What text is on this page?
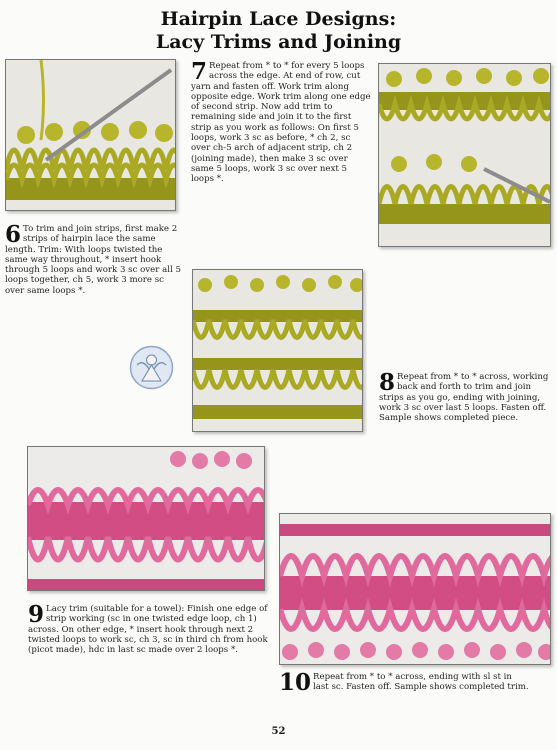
Hairpin Lace Designs:
Lacy Trims and Joining
7 Repeat from * to * for every 5 loops across the edge. At end of row, cut yarn and fasten off. Work trim along opposite edge. Work trim along one edge of second strip. Now add trim to remaining side and join it to the first strip as you work as follows: On first 5 loops, work 3 sc as before, * ch 2, sc over ch-5 arch of adjacent strip, ch 2 (joining made), then make 3 sc over same 5 loops, work 3 sc over next 5 loops *.
6 To trim and join strips, first make 2 strips of hairpin lace the same length. Trim: With loops twisted the same way throughout, * insert hook through 5 loops and work 3 sc over all 5 loops together, ch 5, work 3 more sc over same loops *.
8 Repeat from * to * across, working back and forth to trim and join strips as you go, ending with joining, work 3 sc over last 5 loops. Fasten off. Sample shows completed piece.
9 Lacy trim (suitable for a towel): Finish one edge of strip working (sc in one twisted edge loop, ch 1) across. On other edge, * insert hook through next 2 twisted loops to work sc, ch 3, sc in third ch from hook (picot made), hdc in last sc made over 2 loops *.
10 Repeat from * to * across, ending with sl st in last sc. Fasten off. Sample shows completed trim.
52
